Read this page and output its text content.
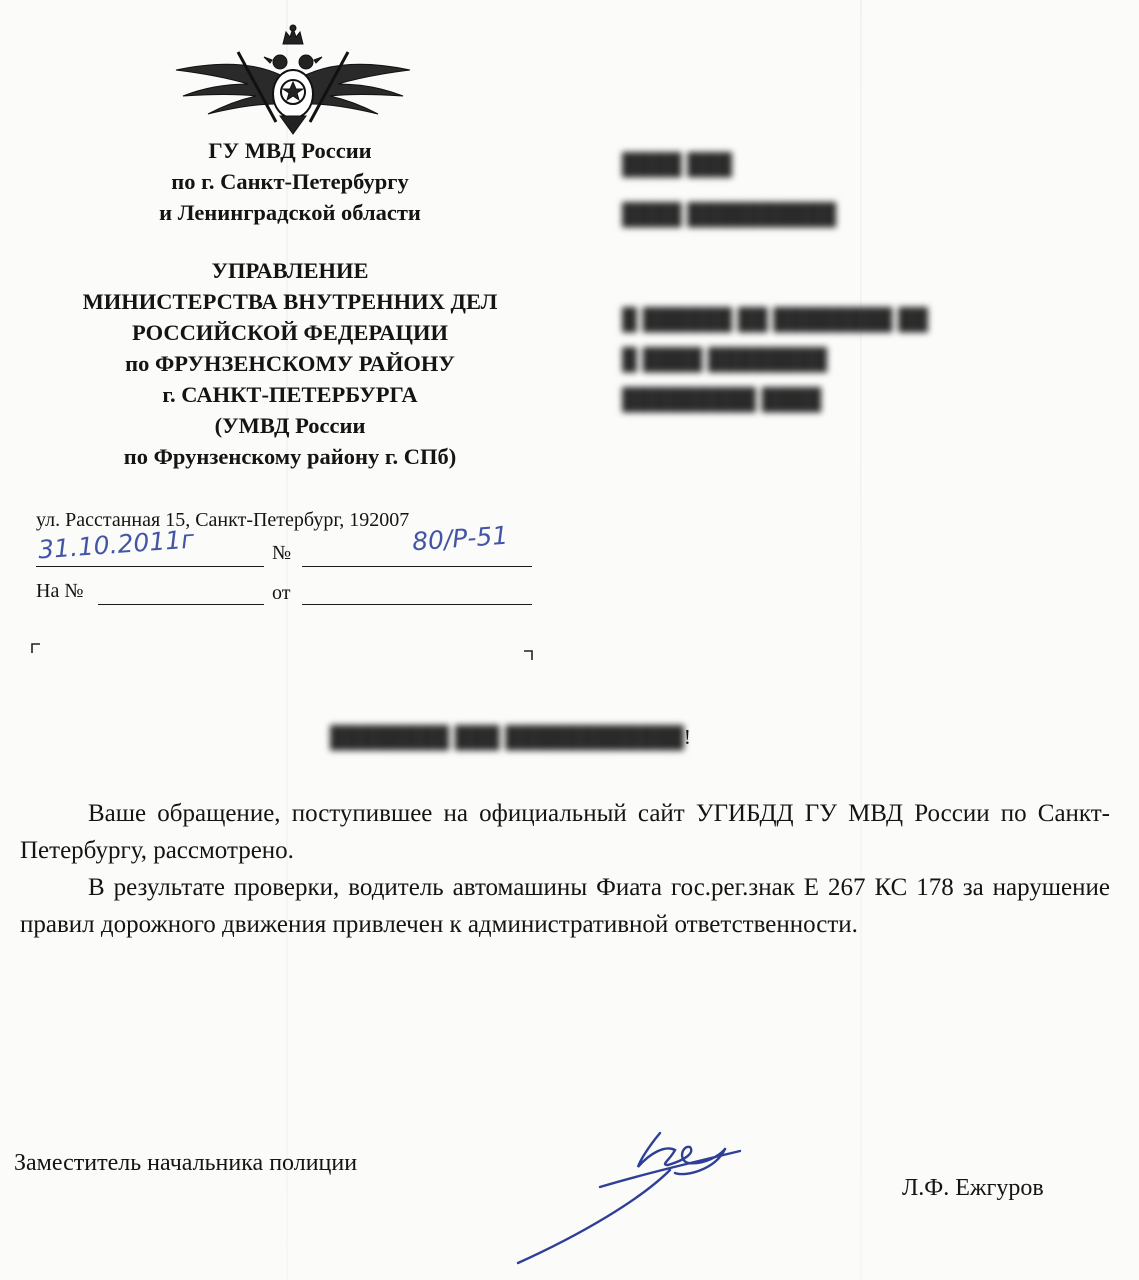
ГУ МВД России
по г. Санкт-Петербургу
и Ленинградской области
УПРАВЛЕНИЕ
МИНИСТЕРСТВА ВНУТРЕННИХ ДЕЛ
РОССИЙСКОЙ ФЕДЕРАЦИИ
по ФРУНЗЕНСКОМУ РАЙОНУ
г. САНКТ-ПЕТЕРБУРГА
(УМВД России
по Фрунзенскому району г. СПб)
ул. Расстанная 15, Санкт-Петербург, 192007
31.10.2011г	№	80/Р-51
На №	от
████ ███
████ ██████████
█ ██████ ██ ████████ ██
█ ████ ████████
█████████ ████
████████ ███ ████████████!

Ваше обращение, поступившее на официальный сайт УГИБДД ГУ МВД России по Санкт-Петербургу, рассмотрено.

В результате проверки, водитель автомашины Фиата гос.рег.знак Е 267 КС 178 за нарушение правил дорожного движения привлечен к административной ответственности.

Заместитель начальника полиции
Л.Ф. Ежгуров
